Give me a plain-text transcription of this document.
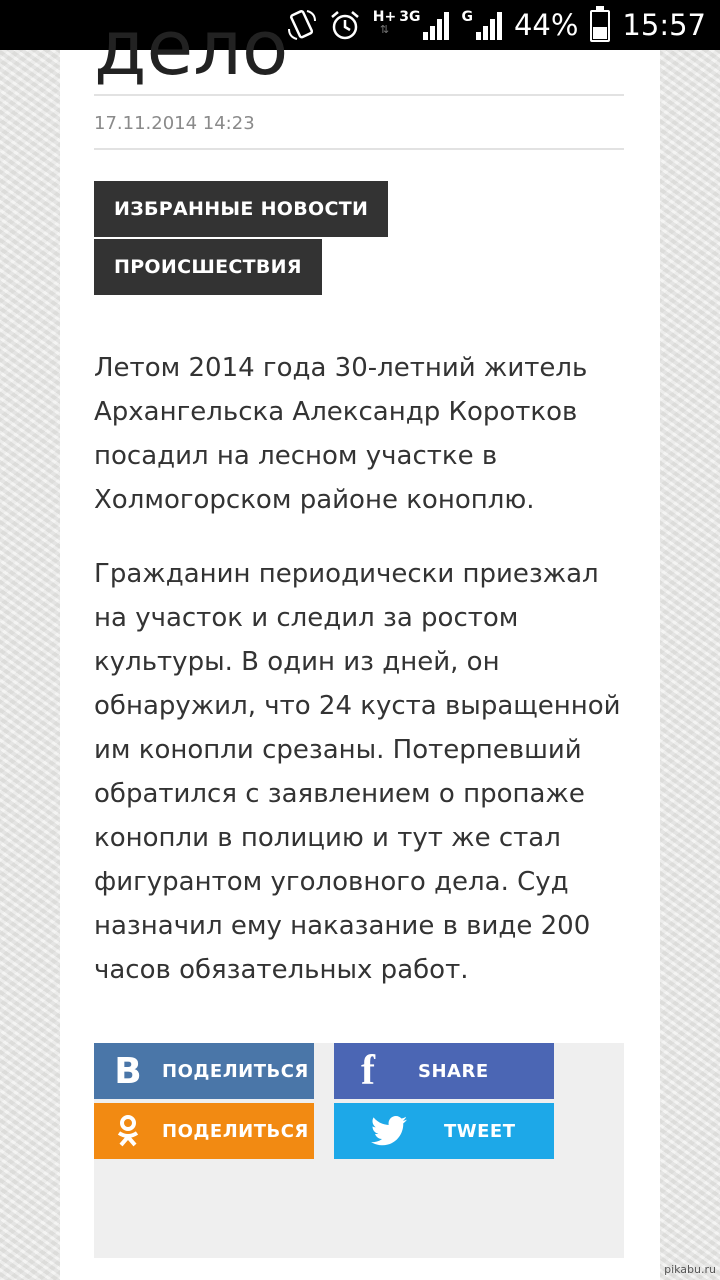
H+
⇅
3G	G 44% 15:57
дело
17.11.2014 14:23
ИЗБРАННЫЕ НОВОСТИ
ПРОИСШЕСТВИЯ

Летом 2014 года 30-летний житель Архангельска Александр Коротков посадил на лесном участке в Холмогорском районе коноплю.

Гражданин периодически приезжал на участок и следил за ростом культуры. В один из дней, он обнаружил, что 24 куста выращенной им конопли срезаны. Потерпевший обратился с заявлением о пропаже конопли в полицию и тут же стал фигурантом уголовного дела. Суд назначил ему наказание в виде 200 часов обязательных работ.

В	ПОДЕЛИТЬСЯ	f	SHARE
ПОДЕЛИТЬСЯ	TWEET
pikabu.ru
